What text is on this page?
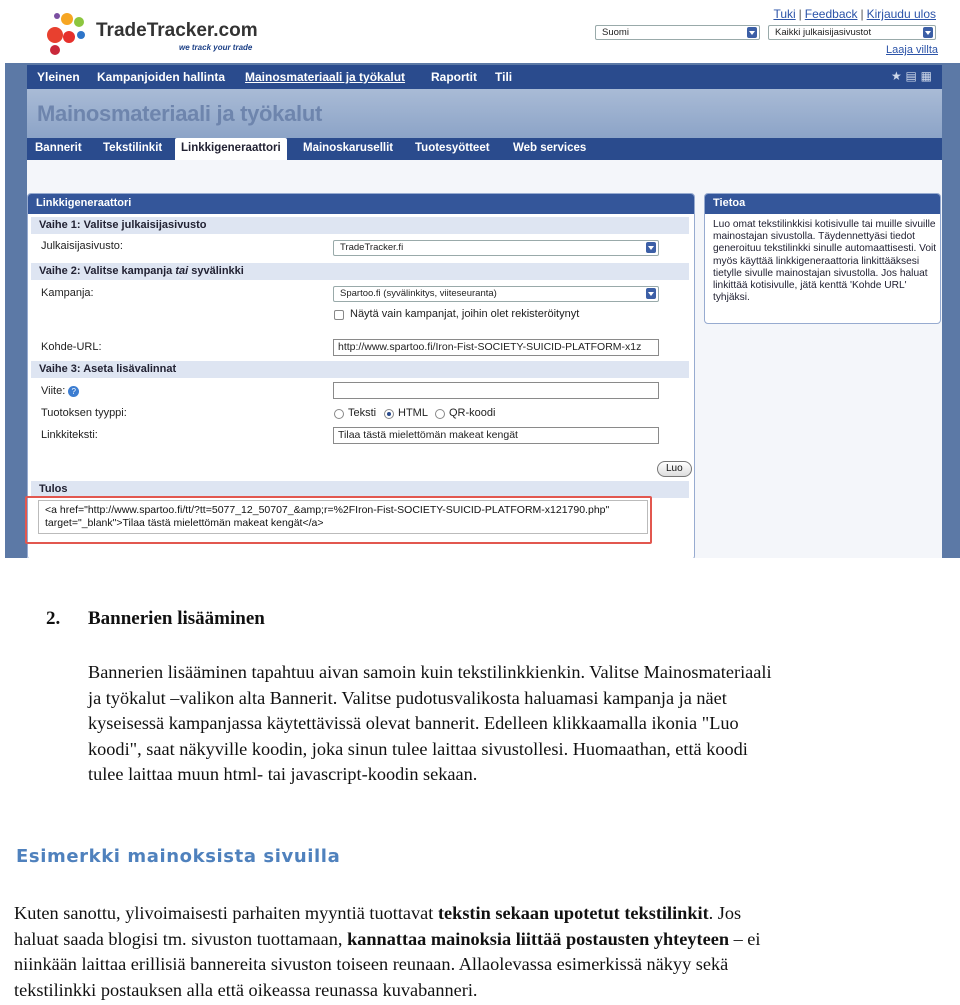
TradeTracker.com
we track your trade
Tuki | Feedback | Kirjaudu ulos
Suomi	Kaikki julkaisijasivustot
Laaja villta
Yleinen Kampanjoiden hallinta Mainosmateriaali ja työkalut Raportit Tili	★ ▤ ▦
Mainosmateriaali ja työkalut
Bannerit Tekstilinkit	Linkkigeneraattori	Mainoskarusellit Tuotesyötteet Web services
Linkkigeneraattori
Vaihe 1: Valitse julkaisijasivusto
Julkaisijasivusto:	TradeTracker.fi
Vaihe 2: Valitse kampanja tai syvälinkki
Kampanja:	Spartoo.fi (syvälinkitys, viiteseuranta)
Näytä vain kampanjat, joihin olet rekisteröitynyt
Kohde-URL:	http://www.spartoo.fi/Iron-Fist-SOCIETY-SUICID-PLATFORM-x1z
Vaihe 3: Aseta lisävalinnat
Viite: ?
Tuotoksen tyyppi:	Teksti HTML QR-koodi
Linkkiteksti:	Tilaa tästä mielettömän makeat kengät
Luo
Tulos
<a href="http://www.spartoo.fi/tt/?tt=5077_12_50707_&amp;r=%2FIron-Fist-SOCIETY-SUICID-PLATFORM-x121790.php"
target="_blank">Tilaa tästä mielettömän makeat kengät</a>
Tietoa
Luo omat tekstilinkkisi kotisivulle tai muille sivuille mainostajan sivustolla. Täydennettyäsi tiedot generoituu tekstilinkki sinulle automaattisesti. Voit myös käyttää linkkigeneraattoria linkittääksesi tietylle sivulle mainostajan sivustolla. Jos haluat linkittää kotisivulle, jätä kenttä 'Kohde URL' tyhjäksi.
2. Bannerien lisääminen
Bannerien lisääminen tapahtuu aivan samoin kuin tekstilinkkienkin. Valitse Mainosmateriaali
ja työkalut –valikon alta Bannerit. Valitse pudotusvalikosta haluamasi kampanja ja näet
kyseisessä kampanjassa käytettävissä olevat bannerit. Edelleen klikkaamalla ikonia "Luo
koodi", saat näkyville koodin, joka sinun tulee laittaa sivustollesi. Huomaathan, että koodi
tulee laittaa muun html- tai javascript-koodin sekaan.
Esimerkki mainoksista sivuilla
Kuten sanottu, ylivoimaisesti parhaiten myyntiä tuottavat tekstin sekaan upotetut tekstilinkit. Jos
haluat saada blogisi tm. sivuston tuottamaan, kannattaa mainoksia liittää postausten yhteyteen – ei
niinkään laittaa erillisiä bannereita sivuston toiseen reunaan. Allaolevassa esimerkissä näkyy sekä
tekstilinkki postauksen alla että oikeassa reunassa kuvabanneri.
